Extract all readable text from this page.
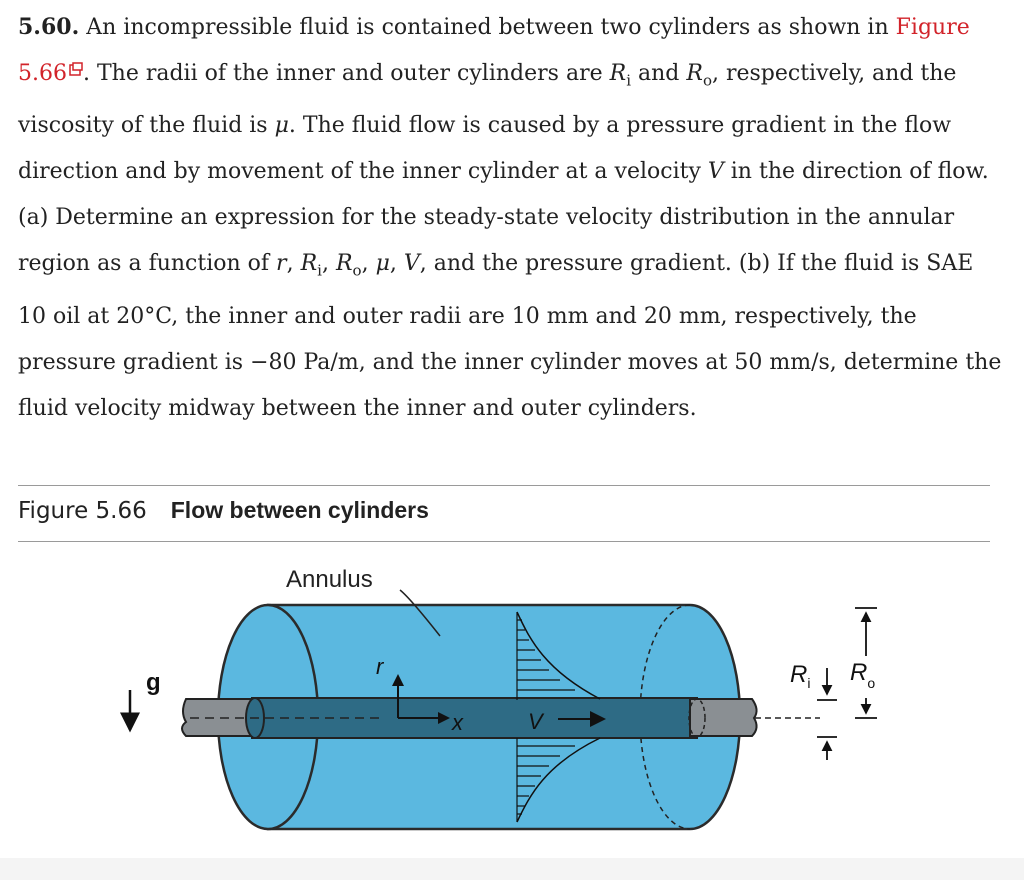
5.60. An incompressible fluid is contained between two cylinders as shown in Figure 5.66 . The radii of the inner and outer cylinders are $R_i$ and $R_o$, respectively, and the viscosity of the fluid is μ. The fluid flow is caused by a pressure gradient in the flow direction and by movement of the inner cylinder at a velocity V in the direction of flow. (a) Determine an expression for the steady-state velocity distribution in the annular region as a function of r, $R_i$, $R_o$, μ, V, and the pressure gradient. (b) If the fluid is SAE 10 oil at 20°C, the inner and outer radii are 10 mm and 20 mm, respectively, the pressure gradient is −80 Pa/m, and the inner cylinder moves at 50 mm/s, determine the fluid velocity midway between the inner and outer cylinders.
Figure 5.66 Flow between cylinders
Annulus
g
r
x	V
$R_i$ $R_o$
